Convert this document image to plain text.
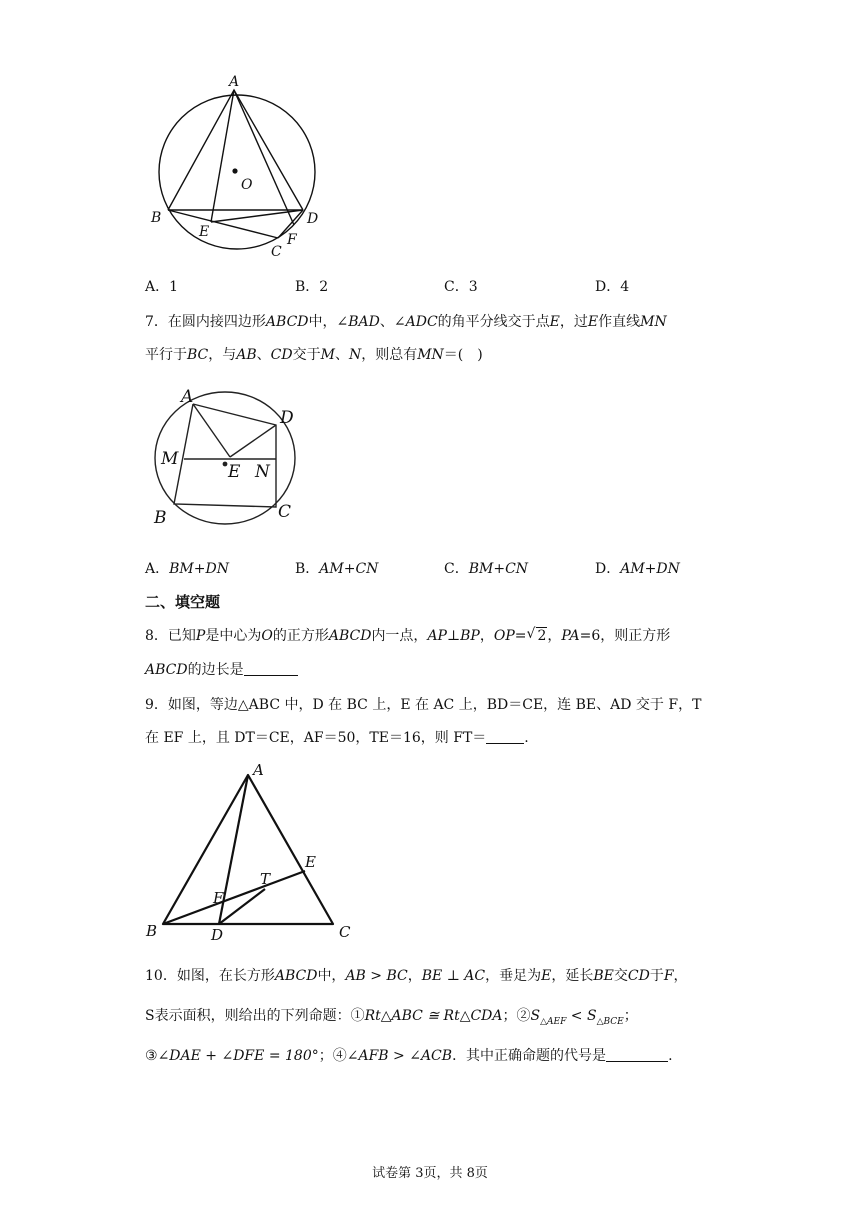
A
O
B
E
D
F
C
A．1	B．2	C．3	D．4
7．在圆内接四边形ABCD中，∠BAD、∠ADC的角平分线交于点E，过E作直线MN
平行于BC，与AB、CD交于M、N，则总有MN＝(　)
A
D
M
E N
B	C
A．BM+DN	B．AM+CN	C．BM+CN	D．AM+DN
二、填空题
8．已知P是中心为O的正方形ABCD内一点，AP⊥BP，OP= √ 2，PA=6，则正方形
ABCD的边长是
9．如图，等边△ABC 中，D 在 BC 上，E 在 AC 上，BD＝CE，连 BE、AD 交于 F，T
在 EF 上，且 DT＝CE，AF＝50，TE＝16，则 FT＝	.
A
E
T
F
B	D	C
10．如图，在长方形ABCD中，AB > BC，BE ⊥ AC，垂足为E，延长BE交CD于F，
S表示面积，则给出的下列命题：①Rt△ABC ≅ Rt△CDA；$②S_{\triangle AEF} < S_{\triangle BCE}$；
③∠DAE + ∠DFE = 180°；④∠AFB > ∠ACB．其中正确命题的代号是	.
试卷第 3页，共 8页
